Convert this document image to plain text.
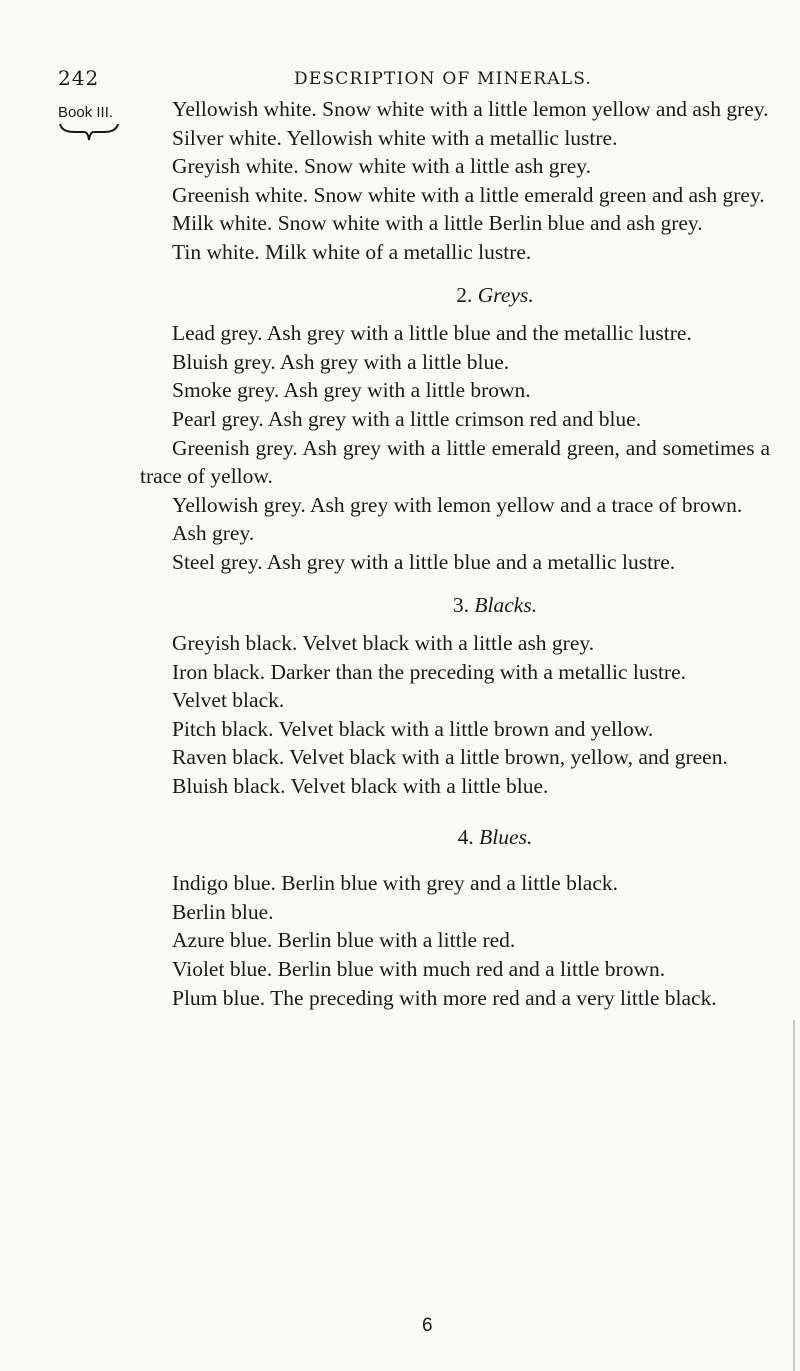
242	DESCRIPTION OF MINERALS.
Book III.	Yellowish white. Snow white with a little lemon yellow and ash grey.

Silver white. Yellowish white with a metallic lustre.

Greyish white. Snow white with a little ash grey.

Greenish white. Snow white with a little emerald green and ash grey.

Milk white. Snow white with a little Berlin blue and ash grey.

Tin white. Milk white of a metallic lustre.

2. Greys.

Lead grey. Ash grey with a little blue and the metallic lustre.

Bluish grey. Ash grey with a little blue.

Smoke grey. Ash grey with a little brown.

Pearl grey. Ash grey with a little crimson red and blue.

Greenish grey. Ash grey with a little emerald green, and sometimes a trace of yellow.

Yellowish grey. Ash grey with lemon yellow and a trace of brown.

Ash grey.

Steel grey. Ash grey with a little blue and a metallic lustre.

3. Blacks.

Greyish black. Velvet black with a little ash grey.

Iron black. Darker than the preceding with a metallic lustre.

Velvet black.

Pitch black. Velvet black with a little brown and yellow.

Raven black. Velvet black with a little brown, yellow, and green.

Bluish black. Velvet black with a little blue.

4. Blues.

Indigo blue. Berlin blue with grey and a little black.

Berlin blue.

Azure blue. Berlin blue with a little red.

Violet blue. Berlin blue with much red and a little brown.

Plum blue. The preceding with more red and a very little black.

6
